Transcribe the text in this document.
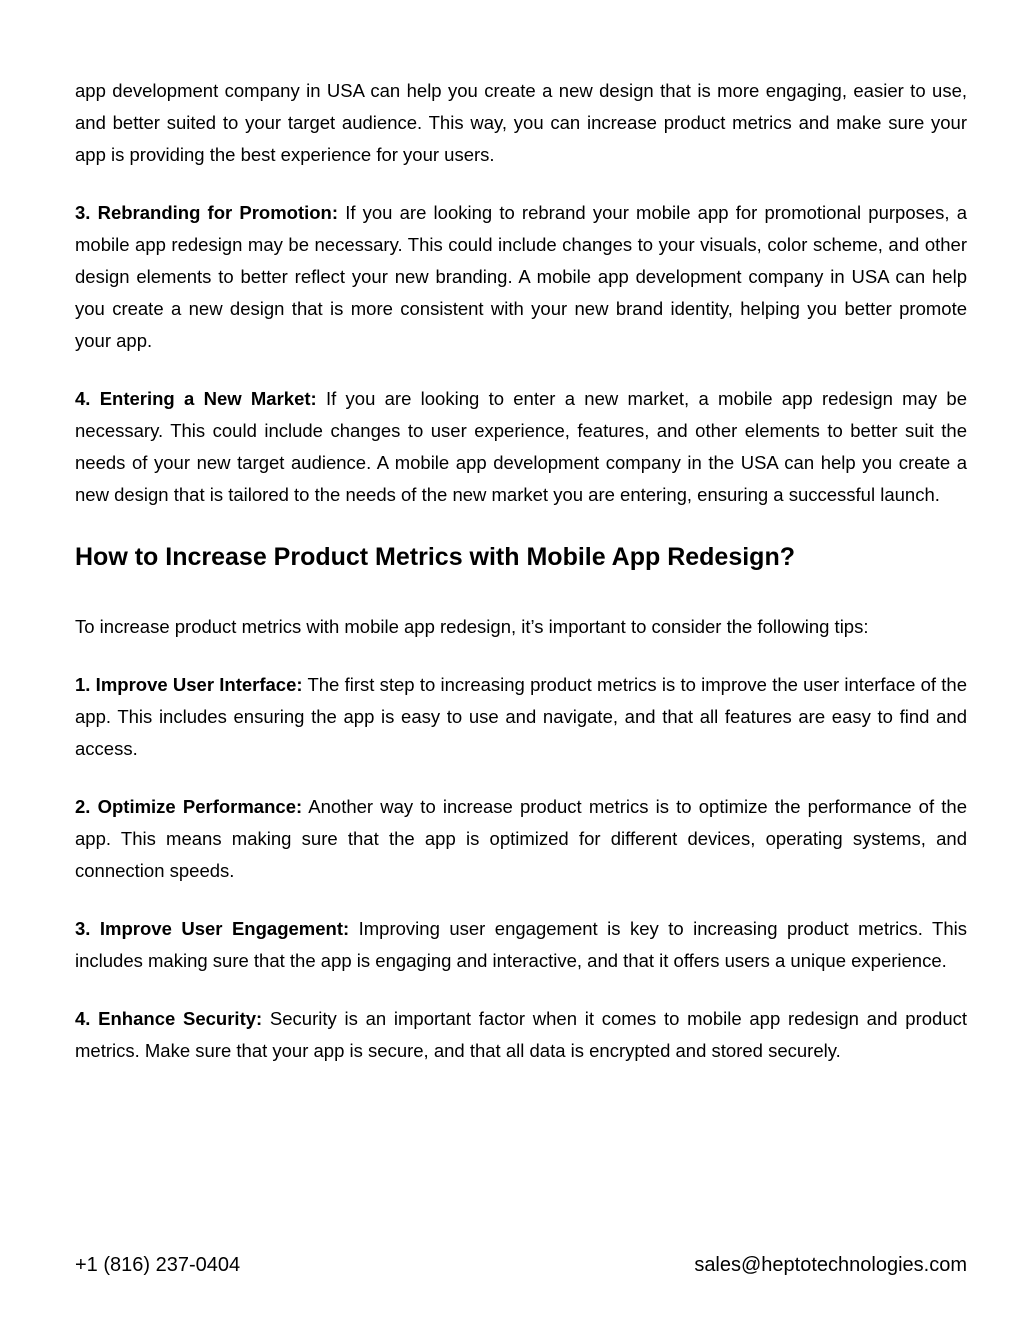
app development company in USA can help you create a new design that is more engaging, easier to use, and better suited to your target audience. This way, you can increase product metrics and make sure your app is providing the best experience for your users.

3. Rebranding for Promotion: If you are looking to rebrand your mobile app for promotional purposes, a mobile app redesign may be necessary. This could include changes to your visuals, color scheme, and other design elements to better reflect your new branding. A mobile app development company in USA can help you create a new design that is more consistent with your new brand identity, helping you better promote your app.

4. Entering a New Market: If you are looking to enter a new market, a mobile app redesign may be necessary. This could include changes to user experience, features, and other elements to better suit the needs of your new target audience. A mobile app development company in the USA can help you create a new design that is tailored to the needs of the new market you are entering, ensuring a successful launch.

How to Increase Product Metrics with Mobile App Redesign?

To increase product metrics with mobile app redesign, it’s important to consider the following tips:

1. Improve User Interface: The first step to increasing product metrics is to improve the user interface of the app. This includes ensuring the app is easy to use and navigate, and that all features are easy to find and access.

2. Optimize Performance: Another way to increase product metrics is to optimize the performance of the app. This means making sure that the app is optimized for different devices, operating systems, and connection speeds.

3. Improve User Engagement: Improving user engagement is key to increasing product metrics. This includes making sure that the app is engaging and interactive, and that it offers users a unique experience.

4. Enhance Security: Security is an important factor when it comes to mobile app redesign and product metrics. Make sure that your app is secure, and that all data is encrypted and stored securely.

+1 (816) 237-0404	sales@heptotechnologies.com
